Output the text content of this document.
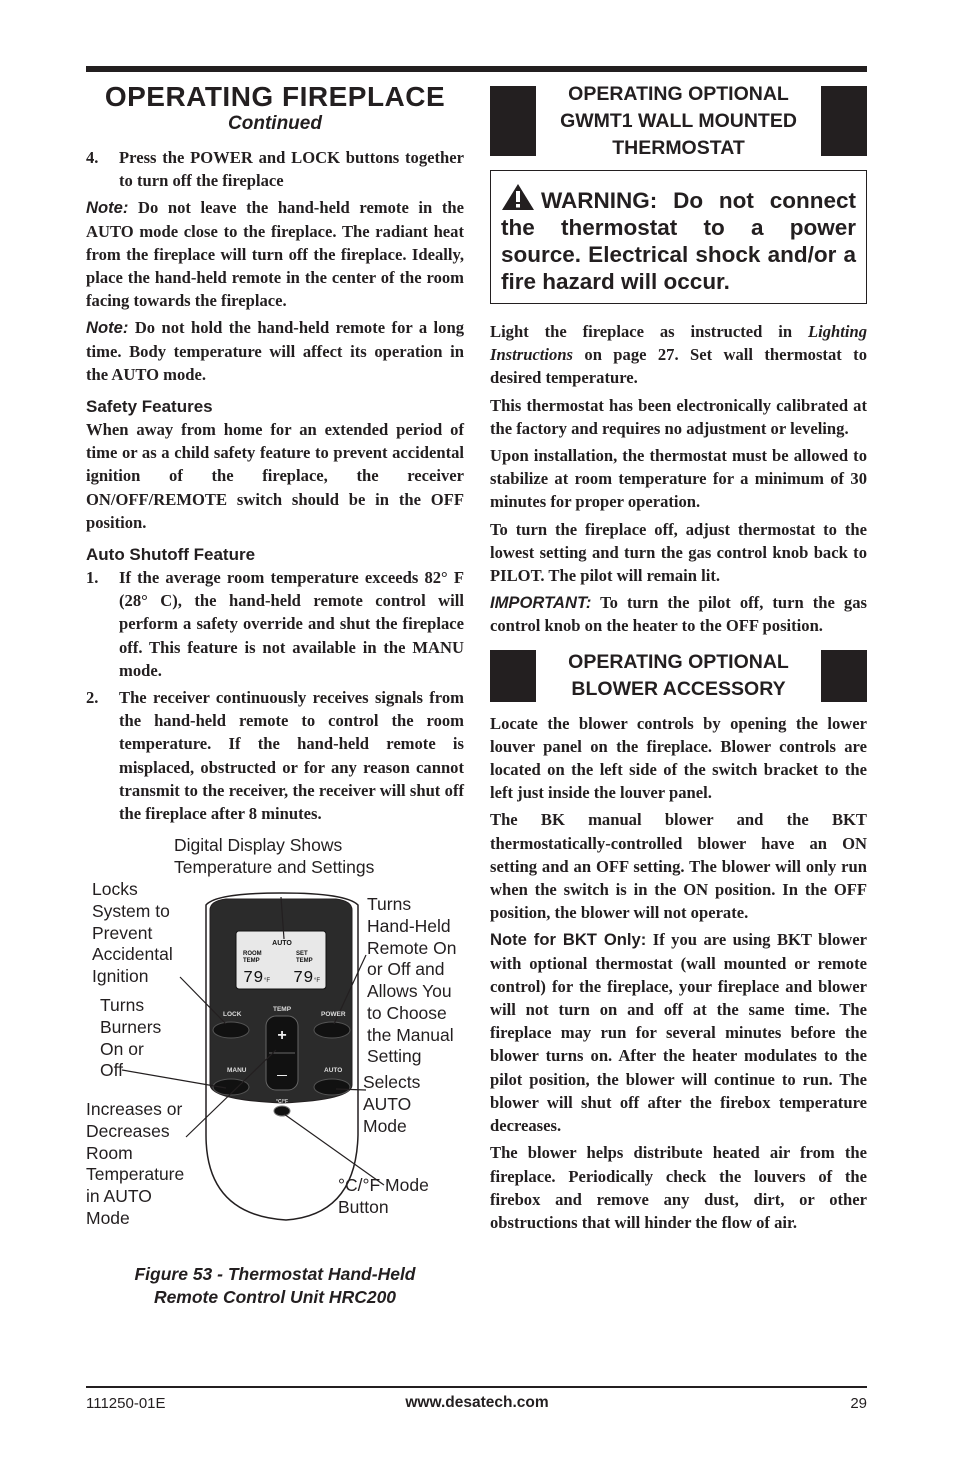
OPERATING FIREPLACE
Continued
4.	Press the POWER and LOCK buttons together to turn off the fireplace

Note: Do not leave the hand-held remote in the AUTO mode close to the fireplace. The radiant heat from the fireplace will turn off the fireplace. Ideally, place the hand-held remote in the center of the room facing towards the fireplace.

Note: Do not hold the hand-held remote for a long time. Body temperature will affect its operation in the AUTO mode.

Safety Features

When away from home for an extended period of time or as a child safety feature to prevent accidental ignition of the fireplace, the receiver ON/OFF/REMOTE switch should be in the OFF position.

Auto Shutoff Feature
1.	If the average room temperature exceeds 82° F (28° C), the hand-held remote control will perform a safety override and shut the fireplace off. This feature is not available in the MANU mode.
2.	The receiver continuously receives signals from the hand-held remote to control the room temperature. If the hand-held remote is misplaced, obstructed or for any reason cannot transmit to the receiver, the receiver will shut off the fireplace after 8 minutes.
AUTO
ROOM
TEMP
SET
TEMP
79 °F 79 °F
LOCK
TEMP
POWER
MANU	AUTO
°C/°F
+
—
Digital Display Shows
Temperature and Settings
Locks
System to
Prevent
Accidental
Ignition
Turns
Burners
On or
Off
Increases or
Decreases
Room
Temperature
in AUTO
Mode
Turns
Hand-Held
Remote On
or Off and
Allows You
to Choose
the Manual
Setting
Selects
AUTO
Mode
°C/°F Mode
Button
Figure 53 - Thermostat Hand-Held
Remote Control Unit HRC200
OPERATING OPTIONAL GWMT1 WALL MOUNTED THERMOSTAT
WARNING: Do not connect the thermostat to a power source. Electrical shock and/or a fire hazard will occur.

Light the fireplace as instructed in Lighting Instructions on page 27. Set wall thermostat to desired temperature.

This thermostat has been electronically calibrated at the factory and requires no adjustment or leveling.

Upon installation, the thermostat must be allowed to stabilize at room temperature for a minimum of 30 minutes for proper operation.

To turn the fireplace off, adjust thermostat to the lowest setting and turn the gas control knob back to PILOT. The pilot will remain lit.

IMPORTANT: To turn the pilot off, turn the gas control knob on the heater to the OFF position.

OPERATING OPTIONAL BLOWER ACCESSORY

Locate the blower controls by opening the lower louver panel on the fireplace. Blower controls are located on the left side of the switch bracket to the left just inside the louver panel.

The BK manual blower and the BKT thermostatically-controlled blower have an ON setting and an OFF setting. The blower will only run when the switch is in the ON position. In the OFF position, the blower will not operate.

Note for BKT Only: If you are using BKT blower with optional thermostat (wall mounted or remote control) for the fireplace, your fireplace and blower will not turn on and off at the same time. The fireplace may run for several minutes before the blower turns on. After the heater modulates to the pilot position, the blower will continue to run. The blower will shut off after the firebox temperature decreases.

The blower helps distribute heated air from the fireplace. Periodically check the louvers of the firebox and remove any dust, dirt, or other obstructions that will hinder the flow of air.

111250-01E	www.desatech.com	29
